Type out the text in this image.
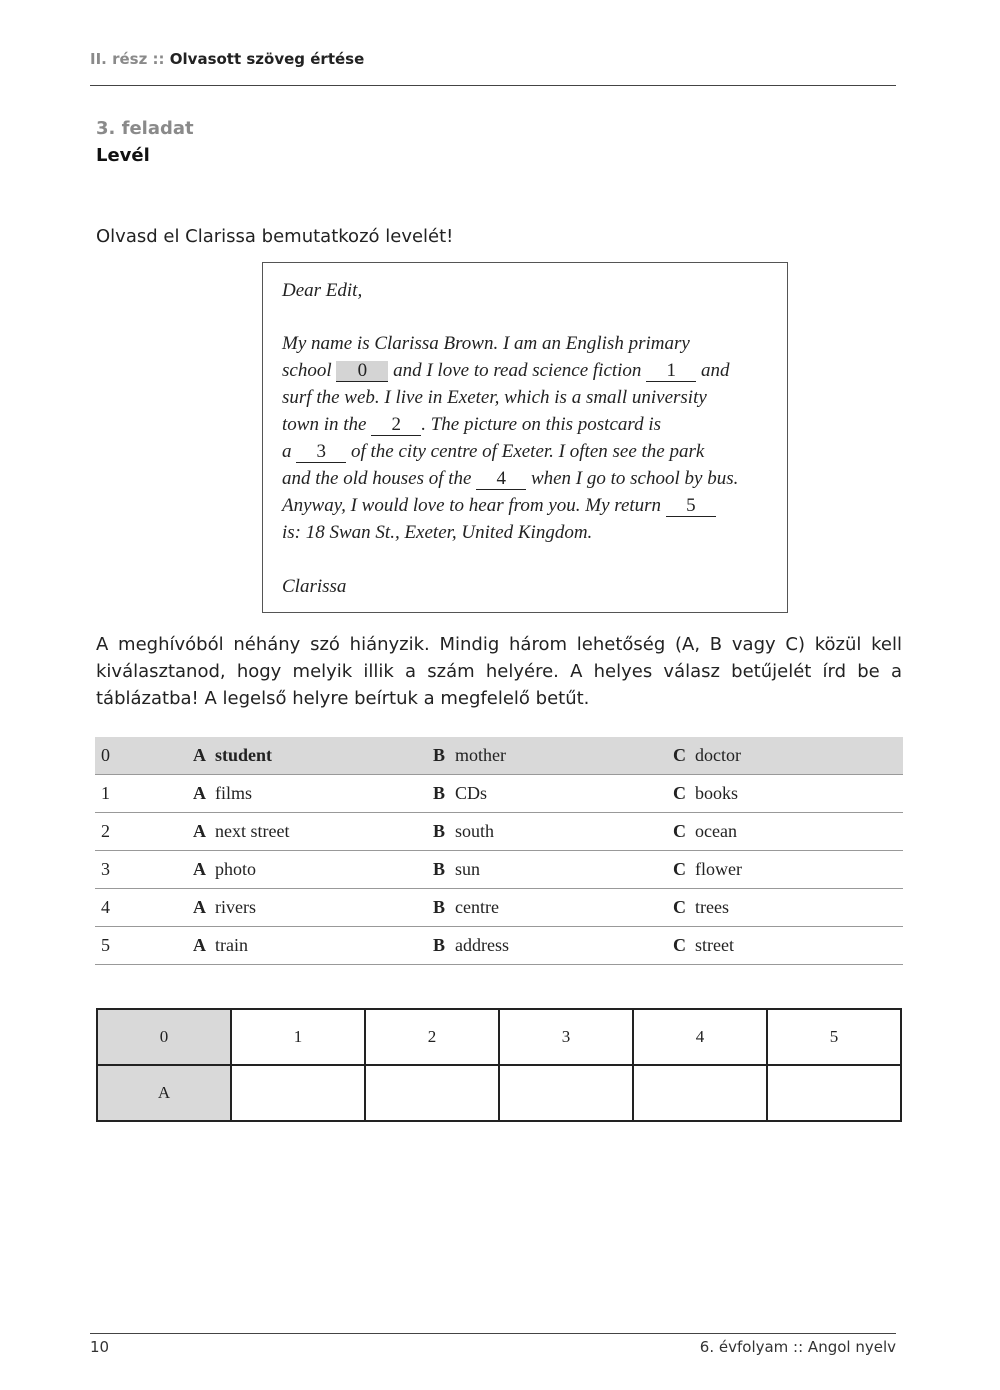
II. rész :: Olvasott szöveg értése
3. feladat
Levél
Olvasd el Clarissa bemutatkozó levelét!
Dear Edit,
My name is Clarissa Brown. I am an English primary
school 0 and I love to read science fiction 1 and
surf the web. I live in Exeter, which is a small university
town in the 2 . The picture on this postcard is
a 3 of the city centre of Exeter. I often see the park
and the old houses of the 4 when I go to school by bus.
Anyway, I would love to hear from you. My return 5
is: 18 Swan St., Exeter, United Kingdom.
Clarissa
A meghívóból néhány szó hiányzik. Mindig három lehetőség (A, B vagy C) közül kell kiválasztanod, hogy melyik illik a szám helyére. A helyes válasz betűjelét írd be a táblázatba! A legelső helyre beírtuk a megfelelő betűt.
0	A student	B mother	C doctor
1	A films	B CDs	C books
2	A next street	B south	C ocean
3	A photo	B sun	C flower
4	A rivers	B centre	C trees
5	A train	B address	C street
0	1	2	3	4	5
A					
10	6. évfolyam :: Angol nyelv
